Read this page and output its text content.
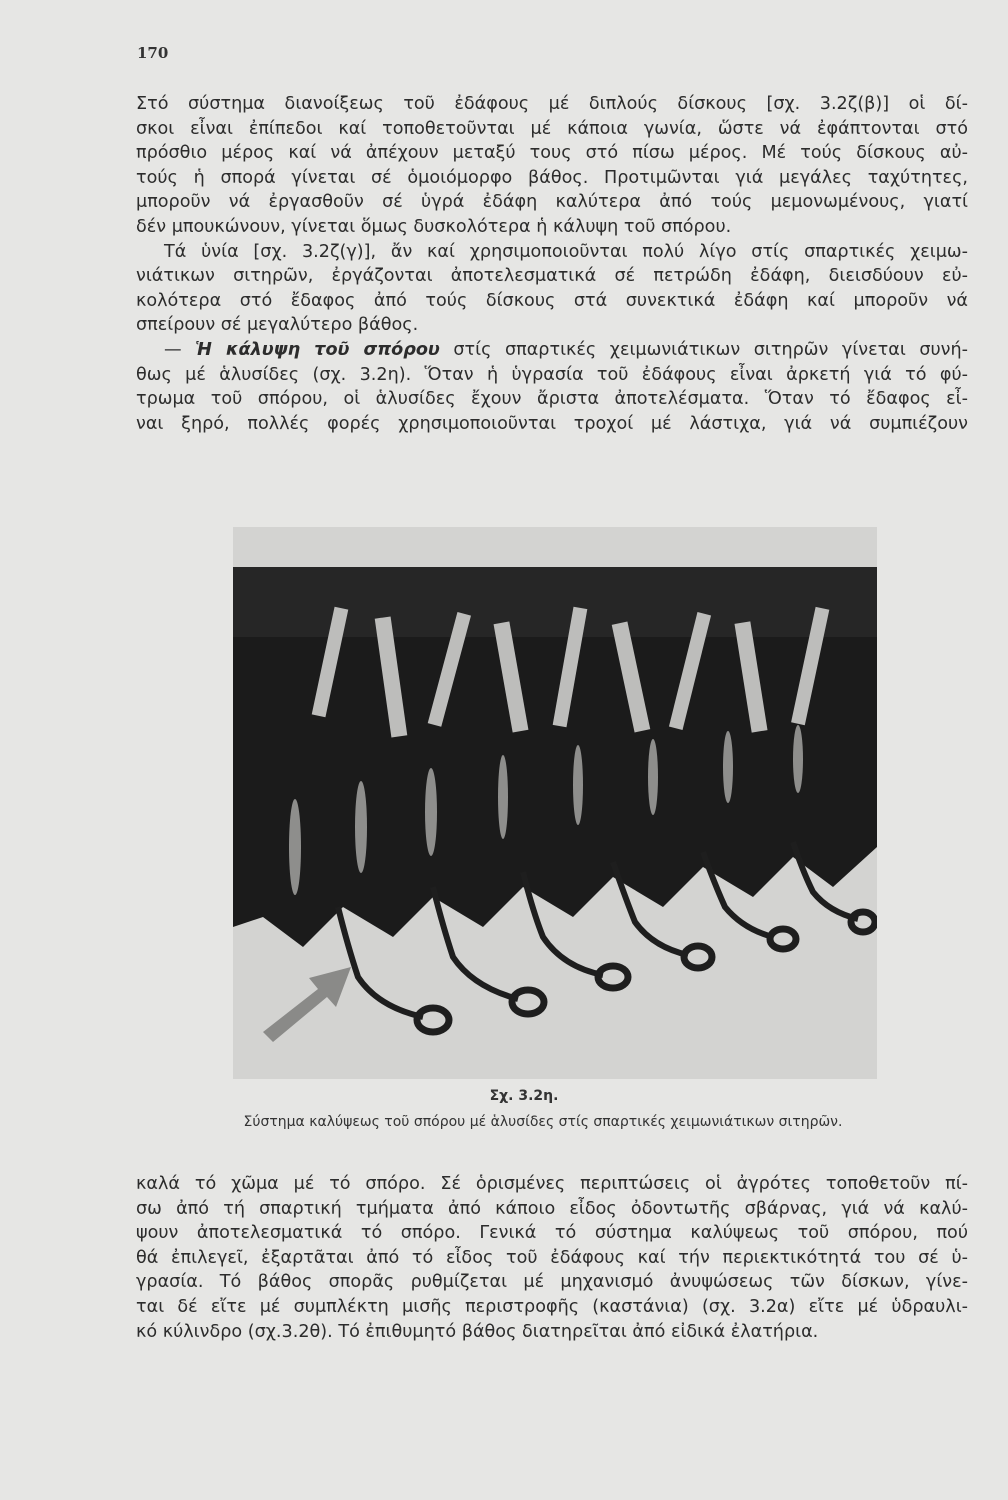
170
Στό σύστημα διανοίξεως τοῦ ἐδάφους μέ διπλούς δίσκους [σχ. 3.2ζ(β)] οἱ δί-
σκοι εἶναι ἐπίπεδοι καί τοποθετοῦνται μέ κάποια γωνία, ὥστε νά ἐφάπτονται στό
πρόσθιο μέρος καί νά ἀπέχουν μεταξύ τους στό πίσω μέρος. Μέ τούς δίσκους αὐ-
τούς ἡ σπορά γίνεται σέ ὁμοιόμορφο βάθος. Προτιμῶνται γιά μεγάλες ταχύτητες,
μποροῦν νά ἐργασθοῦν σέ ὑγρά ἐδάφη καλύτερα ἀπό τούς μεμονωμένους, γιατί
δέν μπουκώνουν, γίνεται ὅμως δυσκολότερα ἡ κάλυψη τοῦ σπόρου.
Τά ὑνία [σχ. 3.2ζ(γ)], ἄν καί χρησιμοποιοῦνται πολύ λίγο στίς σπαρτικές χειμω-
νιάτικων σιτηρῶν, ἐργάζονται ἀποτελεσματικά σέ πετρώδη ἐδάφη, διεισδύουν εὐ-
κολότερα στό ἔδαφος ἀπό τούς δίσκους στά συνεκτικά ἐδάφη καί μποροῦν νά
σπείρουν σέ μεγαλύτερο βάθος.
— Ἡ κάλυψη τοῦ σπόρου στίς σπαρτικές χειμωνιάτικων σιτηρῶν γίνεται συνή-
θως μέ ἁλυσίδες (σχ. 3.2η). Ὅταν ἡ ὑγρασία τοῦ ἐδάφους εἶναι ἀρκετή γιά τό φύ-
τρωμα τοῦ σπόρου, οἱ ἁλυσίδες ἔχουν ἄριστα ἀποτελέσματα. Ὅταν τό ἔδαφος εἶ-
ναι ξηρό, πολλές φορές χρησιμοποιοῦνται τροχοί μέ λάστιχα, γιά νά συμπιέζουν
Σχ. 3.2η.
Σύστημα καλύψεως τοῦ σπόρου μέ ἁλυσίδες στίς σπαρτικές χειμωνιάτικων σιτηρῶν.
καλά τό χῶμα μέ τό σπόρο. Σέ ὁρισμένες περιπτώσεις οἱ ἀγρότες τοποθετοῦν πί-
σω ἀπό τή σπαρτική τμήματα ἀπό κάποιο εἶδος ὀδοντωτῆς σβάρνας, γιά νά καλύ-
ψουν ἀποτελεσματικά τό σπόρο. Γενικά τό σύστημα καλύψεως τοῦ σπόρου, πού
θά ἐπιλεγεῖ, ἐξαρτᾶται ἀπό τό εἶδος τοῦ ἐδάφους καί τήν περιεκτικότητά του σέ ὑ-
γρασία. Τό βάθος σπορᾶς ρυθμίζεται μέ μηχανισμό ἀνυψώσεως τῶν δίσκων, γίνε-
ται δέ εἴτε μέ συμπλέκτη μισῆς περιστροφῆς (καστάνια) (σχ. 3.2α) εἴτε μέ ὑδραυλι-
κό κύλινδρο (σχ.3.2θ). Τό ἐπιθυμητό βάθος διατηρεῖται ἀπό εἰδικά ἐλατήρια.
